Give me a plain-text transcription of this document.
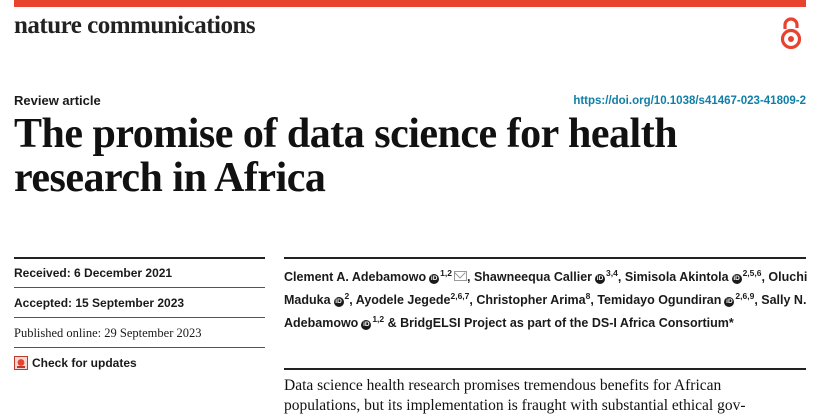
nature communications
Review article	https://doi.org/10.1038/s41467-023-41809-2
The promise of data science for health
research in Africa
Received: 6 December 2021
Accepted: 15 September 2023
Published online: 29 September 2023
Check for updates
Clement A. Adebamowo iD$^{1,2}$ , Shawneequa Callier iD$^{3,4}$, Simisola Akintola iD$^{2,5,6}$, Oluchi Maduka iD$^2$, Ayodele Jegede$^{2,6,7}$, Christopher Arima$^8$, Temidayo Ogundiran iD$^{2,6,9}$, Sally N. Adebamowo iD$^{1,2}$ & BridgELSI Project as part of the DS-I Africa Consortium*
Data science health research promises tremendous benefits for African
populations, but its implementation is fraught with substantial ethical gov-
